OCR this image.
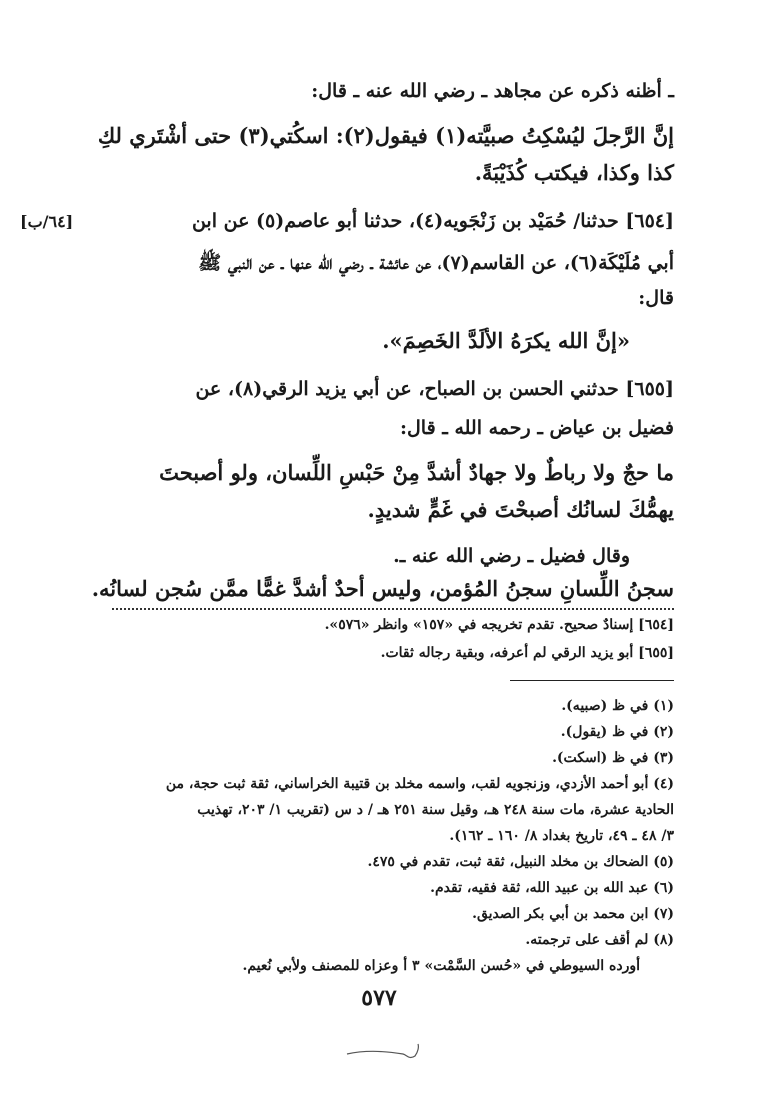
ـ أظنه ذكره عن مجاهد ـ رضي الله عنه ـ قال:
إنَّ الرَّجلَ ليُسْكِتُ صبيَّته(١) فيقول(٢): اسكُتي(٣) حتى أشْتَري لكِ
كذا وكذا، فيكتب كُذَيْبَةً.
[٦٥٤] حدثنا/ حُمَيْد بن زَنْجَويه(٤)، حدثنا أبو عاصم(٥) عن ابن
[٦٤/ب]
أبي مُلَيْكَة(٦)، عن القاسم(٧)، عن عائشة ـ رضي الله عنها ـ عن النبي ﷺ
قال:
«إنَّ الله يكرَهُ الألَدَّ الخَصِمَ».
[٦٥٥] حدثني الحسن بن الصباح، عن أبي يزيد الرقي(٨)، عن
فضيل بن عياض ـ رحمه الله ـ قال:
ما حجٌ ولا رباطٌ ولا جهادٌ أشدَّ مِنْ حَبْسِ اللِّسان، ولو أصبحتَ
يهمُّكَ لسانُك أصبحْتَ في غَمٍّ شديدٍ.
وقال فضيل ـ رضي الله عنه ـ.
سجنُ اللِّسانِ سجنُ المُؤمن، وليس أحدٌ أشدَّ غمًّا ممَّن سُجن لسانُه.
[٦٥٤] إسنادٌ صحيح. تقدم تخريجه في «١٥٧» وانظر «٥٧٦».
[٦٥٥] أبو يزيد الرقي لم أعرفه، وبقية رجاله ثقات.
(١) في ظ (صبيه).
(٢) في ظ (يقول).
(٣) في ظ (اسكت).
(٤) أبو أحمد الأزدي، وزنجويه لقب، واسمه مخلد بن قتيبة الخراساني، ثقة ثبت حجة، من
الحادية عشرة، مات سنة ٢٤٨ هـ، وقيل سنة ٢٥١ هـ / د س (تقريب ١/ ٢٠٣، تهذيب
٣/ ٤٨ ـ ٤٩، تاريخ بغداد ٨/ ١٦٠ ـ ١٦٢).
(٥) الضحاك بن مخلد النبيل، ثقة ثبت، تقدم في ٤٧٥.
(٦) عبد الله بن عبيد الله، ثقة فقيه، تقدم.
(٧) ابن محمد بن أبي بكر الصديق.
(٨) لم أقف على ترجمته.
أورده السيوطي في «حُسن السَّمْت» ٣ أ وعزاه للمصنف ولأبي نُعيم.
٥٧٧
